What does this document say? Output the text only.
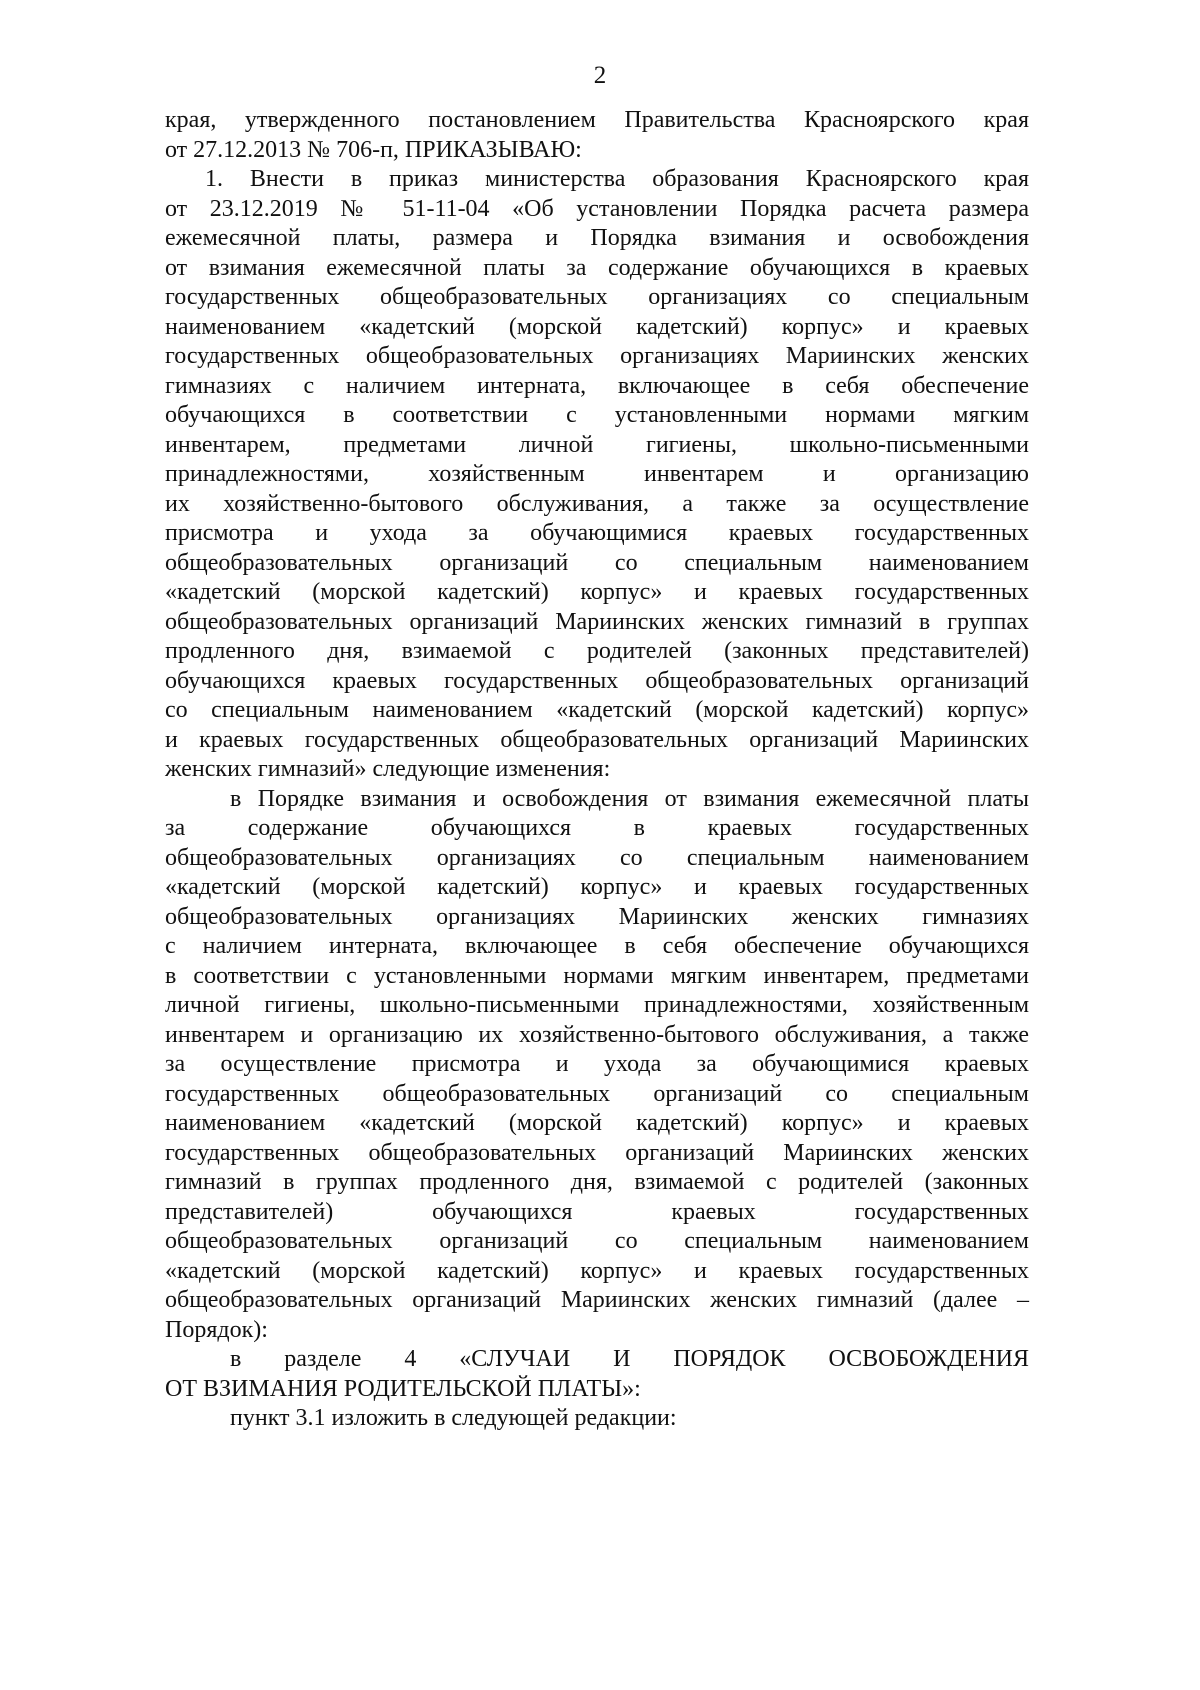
2
края, утвержденного постановлением Правительства Красноярского края
от 27.12.2013 № 706-п, ПРИКАЗЫВАЮ:
1. Внести в приказ министерства образования Красноярского края
от 23.12.2019 № 51-11-04 «Об установлении Порядка расчета размера
ежемесячной платы, размера и Порядка взимания и освобождения
от взимания ежемесячной платы за содержание обучающихся в краевых
государственных общеобразовательных организациях со специальным
наименованием «кадетский (морской кадетский) корпус» и краевых
государственных общеобразовательных организациях Мариинских женских
гимназиях с наличием интерната, включающее в себя обеспечение
обучающихся в соответствии с установленными нормами мягким
инвентарем, предметами личной гигиены, школьно-письменными
принадлежностями, хозяйственным инвентарем и организацию
их хозяйственно-бытового обслуживания, а также за осуществление
присмотра и ухода за обучающимися краевых государственных
общеобразовательных организаций со специальным наименованием
«кадетский (морской кадетский) корпус» и краевых государственных
общеобразовательных организаций Мариинских женских гимназий в группах
продленного дня, взимаемой с родителей (законных представителей)
обучающихся краевых государственных общеобразовательных организаций
со специальным наименованием «кадетский (морской кадетский) корпус»
и краевых государственных общеобразовательных организаций Мариинских
женских гимназий» следующие изменения:
в Порядке взимания и освобождения от взимания ежемесячной платы
за содержание обучающихся в краевых государственных
общеобразовательных организациях со специальным наименованием
«кадетский (морской кадетский) корпус» и краевых государственных
общеобразовательных организациях Мариинских женских гимназиях
с наличием интерната, включающее в себя обеспечение обучающихся
в соответствии с установленными нормами мягким инвентарем, предметами
личной гигиены, школьно-письменными принадлежностями, хозяйственным
инвентарем и организацию их хозяйственно-бытового обслуживания, а также
за осуществление присмотра и ухода за обучающимися краевых
государственных общеобразовательных организаций со специальным
наименованием «кадетский (морской кадетский) корпус» и краевых
государственных общеобразовательных организаций Мариинских женских
гимназий в группах продленного дня, взимаемой с родителей (законных
представителей) обучающихся краевых государственных
общеобразовательных организаций со специальным наименованием
«кадетский (морской кадетский) корпус» и краевых государственных
общеобразовательных организаций Мариинских женских гимназий (далее –
Порядок):
в разделе 4 «СЛУЧАИ И ПОРЯДОК ОСВОБОЖДЕНИЯ
ОТ ВЗИМАНИЯ РОДИТЕЛЬСКОЙ ПЛАТЫ»:
пункт 3.1 изложить в следующей редакции:
